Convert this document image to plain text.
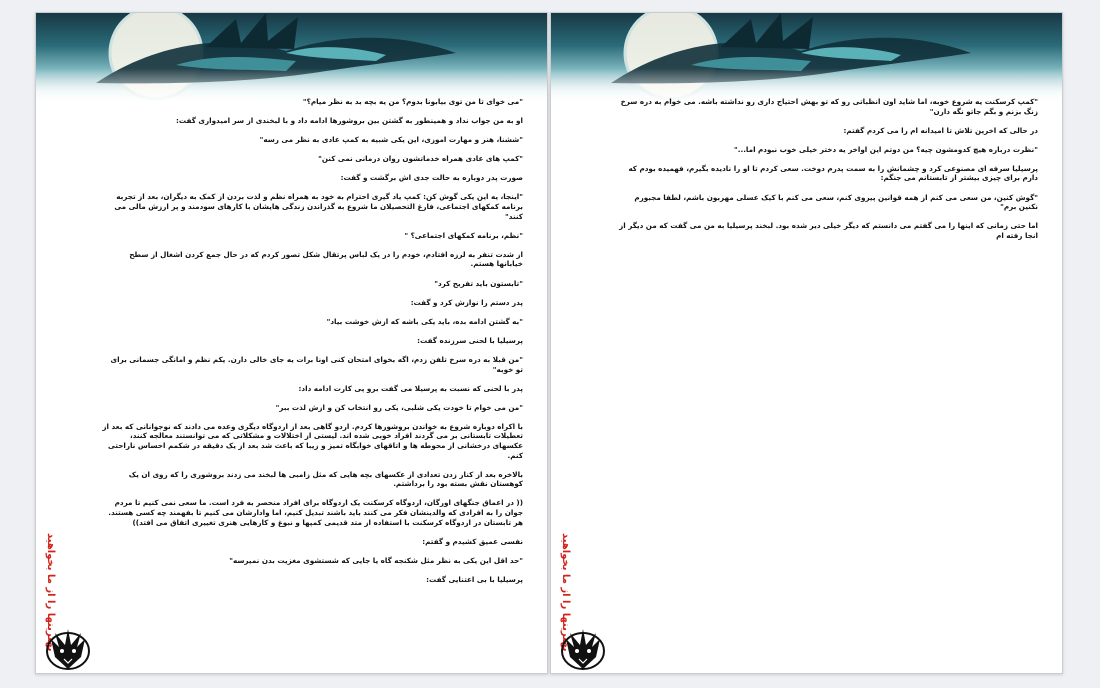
"می خوای تا من توی بیابونا بدوم؟ من یه بچه بد به نظر میام؟"

او به من جواب نداد و همینطور به گشتن بین بروشورها ادامه داد و با لبخندی از سر امیدواری گفت:

"ششنا، هنر و مهارت اموزی، این یکی شبیه به کمپ عادی به نظر می رسه"

"کمپ های عادی همراه خدماتشون روان درمانی نمی کنن"

صورت پدر دوباره به حالت جدی اش برگشت و گفت:

"اینجا، یه این یکی گوش کن: کمپ یاد گیری احترام به خود به همراه نظم و لذت بردن از کمک به دیگران، بعد از تجربه برنامه کمکهای اجتماعی، فارغ التحصیلان ما شروع به گذراندن زندگی هایشان با کارهای سودمند و پر ارزش مالی می کنند"

"نظم، برنامه کمکهای اجتماعی؟ "

از شدت تنفر به لرزه افتادم، خودم را در یک لباس پرتقال شکل تصور کردم که در حال جمع کردن اشغال از سطح خیابانها هستم.

"تابستون باید تفریح کرد"

پدر دستم را نوازش کرد و گفت:

"به گشتن ادامه بده، باید یکی باشه که ازش خوشت بیاد"

پرسیلیا با لحنی سرزنده گفت:

"من قبلا به دره سرخ تلفن زدم، اگه بخوای امتحان کنی اونا برات یه جای خالی دارن. یکم نظم و امانگی جسمانی برای تو خوبه"

پدر با لحنی که نسبت به پرسیلا می گفت برو پی کارت ادامه داد:

"من می خوام تا خودت یکی شلبی، یکی رو انتخاب کن و ازش لذت ببر"

با اکراه دوباره شروع به خواندن بروشورها کردم. اردو گاهی بعد از اردوگاه دیگری وعده می دادند که نوجوانانی که بعد از تعطیلات تابستانی بر می گردند افراد خوبی شده اند. لیستی از اختلالات و مشکلاتی که می توانستند معالجه کنند، عکسهای درخشانی از محوطه ها و اتاقهای خوابگاه تمیز و زیبا که باعث شد بعد از یک دقیقه در شکمم احساس ناراحتی کنم.

بالاخره بعد از کنار زدن تعدادی از عکسهای بچه هایی که مثل زامبی ها لبخند می زدند بروشوری را که روی ان یک کوهستان نقش بسته بود را برداشتم.

(( در اعماق جنگهای اورگان، اردوگاه کرسکنت یک اردوگاه برای افراد منحصر به فرد است. ما سعی نمی کنیم تا مردم جوان را به افرادی که والدینشان فکر می کنند باید باشند تبدیل کنیم، اما وادارشان می کنیم تا بفهمند چه کسی هستند. هر تابستان در اردوگاه کرسکنت با استفاده از متد قدیمی کمپها و نبوغ و کارهایی هنری تغییری اتفاق می افتد))

نفسی عمیق کشیدم و گفتم:

"حد اقل این یکی به نظر مثل شکنجه گاه یا جایی که شستشوی مغزیت بدن نمیرسه"

پرسیلیا با بی اعتنایی گفت:

بهترینها را از ما بخواهید

"کمپ کرسکنت یه شروع خوبه، اما شاید اون انظباتی رو که تو بهش احتیاج داری رو نداشته باشه. می خوام به دره سرخ زنگ بزنم و بگم جاتو نگه دارن"

در حالی که اخرین تلاش تا امیدانه ام را می کردم گفتم:

"نظرت درباره هیچ کدومشون چیه؟ من دوتم این اواخر یه دختر خیلی خوب نبودم اما..."

پرسیلیا سرفه ای مصنوعی کرد و چشمانش را به سمت پدرم دوخت. سعی کردم تا او را نادیده بگیرم، فهمیده بودم که دارم برای چیزی بیشتر از تابستانم می جنگم:

"گوش کنین، من سعی می کنم از همه قوانین پیروی کنم، سعی می کنم با کیک عسلی مهربون باشم، لطفا مجبورم نکنین برم"

اما حتی زمانی که اینها را می گفتم می دانستم که دیگر خیلی دیر شده بود. لبخند پرسیلیا به من می گفت که من دیگر از انجا رفته ام

بهترینها را از ما بخواهید
